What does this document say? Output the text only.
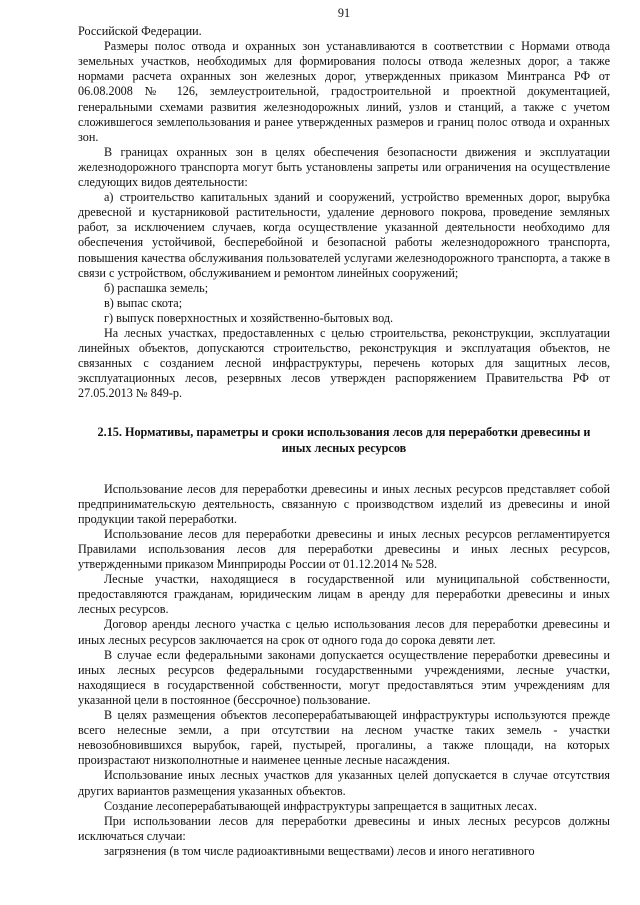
91

Российской Федерации.

Размеры полос отвода и охранных зон устанавливаются в соответствии с Нормами отвода земельных участков, необходимых для формирования полосы отвода железных дорог, а также нормами расчета охранных зон железных дорог, утвержденных приказом Минтранса РФ от 06.08.2008 № 126, землеустроительной, градостроительной и проектной документацией, генеральными схемами развития железнодорожных линий, узлов и станций, а также с учетом сложившегося землепользования и ранее утвержденных размеров и границ полос отвода и охранных зон.

В границах охранных зон в целях обеспечения безопасности движения и эксплуатации железнодорожного транспорта могут быть установлены запреты или ограничения на осуществление следующих видов деятельности:

а) строительство капитальных зданий и сооружений, устройство временных дорог, вырубка древесной и кустарниковой растительности, удаление дернового покрова, проведение земляных работ, за исключением случаев, когда осуществление указанной деятельности необходимо для обеспечения устойчивой, бесперебойной и безопасной работы железнодорожного транспорта, повышения качества обслуживания пользователей услугами железнодорожного транспорта, а также в связи с устройством, обслуживанием и ремонтом линейных сооружений;

б) распашка земель;

в) выпас скота;

г) выпуск поверхностных и хозяйственно-бытовых вод.

На лесных участках, предоставленных с целью строительства, реконструкции, эксплуатации линейных объектов, допускаются строительство, реконструкция и эксплуатация объектов, не связанных с созданием лесной инфраструктуры, перечень которых для защитных лесов, эксплуатационных лесов, резервных лесов утвержден распоряжением Правительства РФ от 27.05.2013 № 849-р.

2.15. Нормативы, параметры и сроки использования лесов для переработки древесины и
иных лесных ресурсов

Использование лесов для переработки древесины и иных лесных ресурсов представляет собой предпринимательскую деятельность, связанную с производством изделий из древесины и иной продукции такой переработки.

Использование лесов для переработки древесины и иных лесных ресурсов регламентируется Правилами использования лесов для переработки древесины и иных лесных ресурсов, утвержденными приказом Минприроды России от 01.12.2014 № 528.

Лесные участки, находящиеся в государственной или муниципальной собственности, предоставляются гражданам, юридическим лицам в аренду для переработки древесины и иных лесных ресурсов.

Договор аренды лесного участка с целью использования лесов для переработки древесины и иных лесных ресурсов заключается на срок от одного года до сорока девяти лет.

В случае если федеральными законами допускается осуществление переработки древесины и иных лесных ресурсов федеральными государственными учреждениями, лесные участки, находящиеся в государственной собственности, могут предоставляться этим учреждениям для указанной цели в постоянное (бессрочное) пользование.

В целях размещения объектов лесоперерабатывающей инфраструктуры используются прежде всего нелесные земли, а при отсутствии на лесном участке таких земель - участки невозобновившихся вырубок, гарей, пустырей, прогалины, а также площади, на которых произрастают низкополнотные и наименее ценные лесные насаждения.

Использование иных лесных участков для указанных целей допускается в случае отсутствия других вариантов размещения указанных объектов.

Создание лесоперерабатывающей инфраструктуры запрещается в защитных лесах.

При использовании лесов для переработки древесины и иных лесных ресурсов должны исключаться случаи:

загрязнения (в том числе радиоактивными веществами) лесов и иного негативного
